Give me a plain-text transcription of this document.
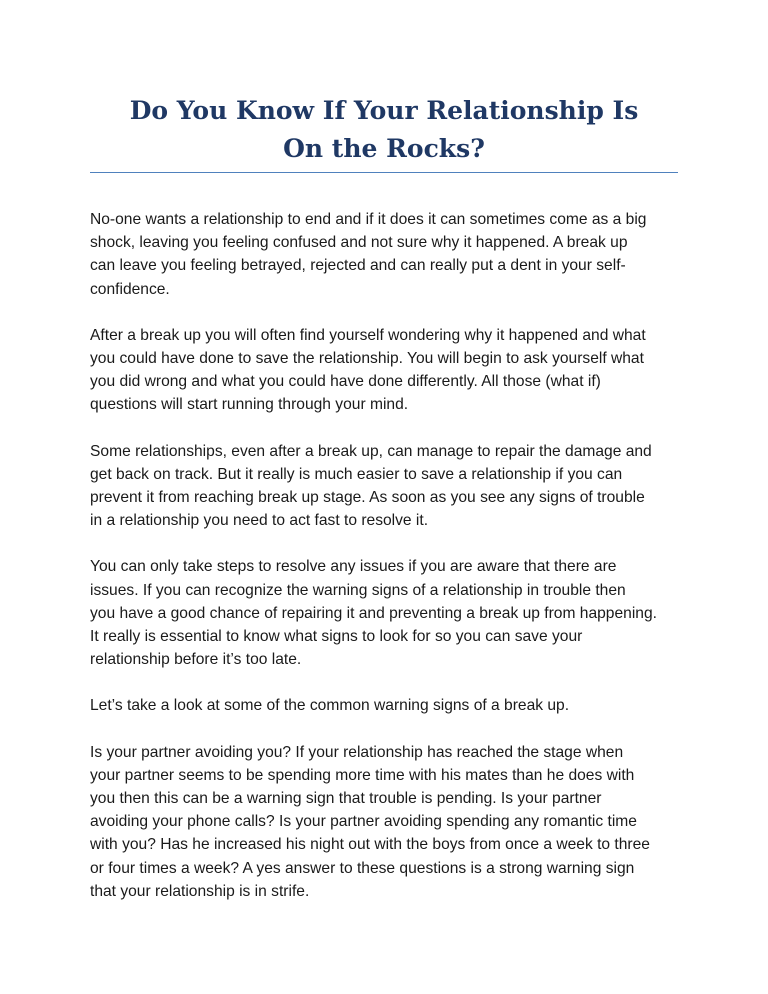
Do You Know If Your Relationship Is
On the Rocks?

No-one wants a relationship to end and if it does it can sometimes come as a big
shock, leaving you feeling confused and not sure why it happened. A break up
can leave you feeling betrayed, rejected and can really put a dent in your self-
confidence.

After a break up you will often find yourself wondering why it happened and what
you could have done to save the relationship. You will begin to ask yourself what
you did wrong and what you could have done differently. All those (what if)
questions will start running through your mind.

Some relationships, even after a break up, can manage to repair the damage and
get back on track. But it really is much easier to save a relationship if you can
prevent it from reaching break up stage. As soon as you see any signs of trouble
in a relationship you need to act fast to resolve it.

You can only take steps to resolve any issues if you are aware that there are
issues. If you can recognize the warning signs of a relationship in trouble then
you have a good chance of repairing it and preventing a break up from happening.
It really is essential to know what signs to look for so you can save your
relationship before it’s too late.

Let’s take a look at some of the common warning signs of a break up.

Is your partner avoiding you? If your relationship has reached the stage when
your partner seems to be spending more time with his mates than he does with
you then this can be a warning sign that trouble is pending. Is your partner
avoiding your phone calls? Is your partner avoiding spending any romantic time
with you? Has he increased his night out with the boys from once a week to three
or four times a week? A yes answer to these questions is a strong warning sign
that your relationship is in strife.
